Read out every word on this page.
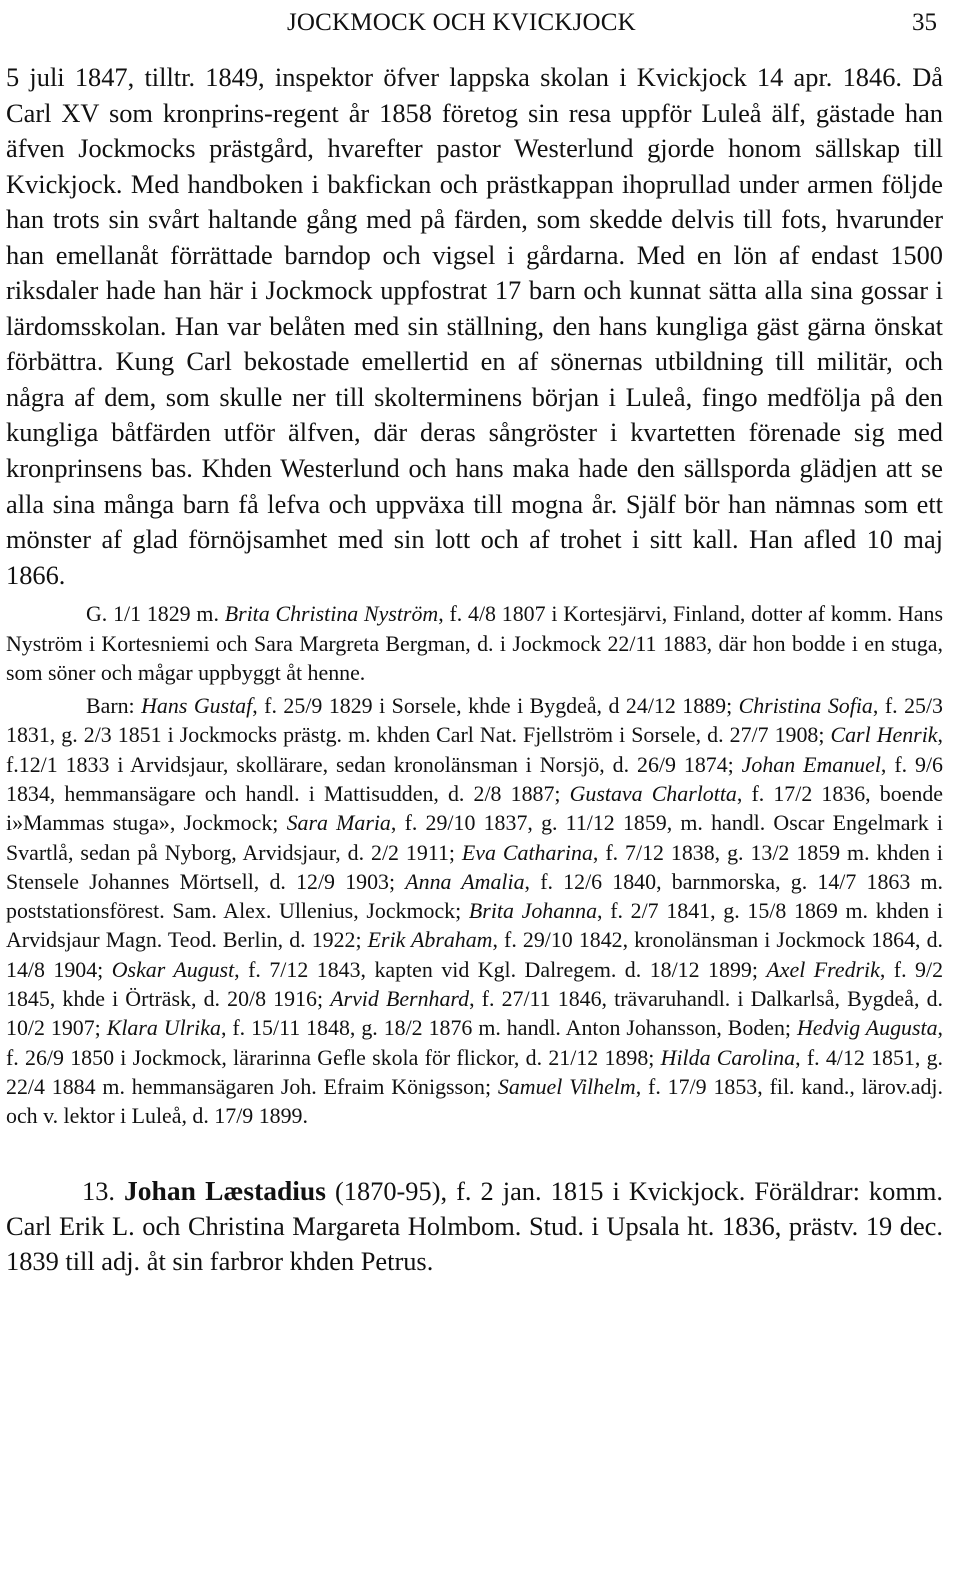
JOCKMOCK OCH KVICKJOCK	35

5 juli 1847, tilltr. 1849, inspektor öfver lappska skolan i Kvickjock 14 apr. 1846. Då Carl XV som kronprins-regent år 1858 företog sin resa uppför Luleå älf, gästade han äfven Jockmocks prästgård, hvarefter pastor Westerlund gjorde honom sällskap till Kvickjock. Med handboken i bakfickan och prästkappan ihoprullad under armen följde han trots sin svårt haltande gång med på färden, som skedde delvis till fots, hvarunder han emellanåt förrättade barndop och vigsel i gårdarna. Med en lön af endast 1500 riksdaler hade han här i Jockmock uppfostrat 17 barn och kunnat sätta alla sina gossar i lärdomsskolan. Han var belåten med sin ställning, den hans kungliga gäst gärna önskat förbättra. Kung Carl bekostade emellertid en af sönernas utbildning till militär, och några af dem, som skulle ner till skolterminens början i Luleå, fingo medfölja på den kungliga båtfärden utför älfven, där deras sångröster i kvartetten förenade sig med kronprinsens bas. Khden Westerlund och hans maka hade den sällsporda glädjen att se alla sina många barn få lefva och uppväxa till mogna år. Själf bör han nämnas som ett mönster af glad förnöjsamhet med sin lott och af trohet i sitt kall. Han afled 10 maj 1866.

G. 1/1 1829 m. Brita Christina Nyström, f. 4/8 1807 i Kortesjärvi, Finland, dotter af komm. Hans Nyström i Kortesniemi och Sara Margreta Bergman, d. i Jockmock 22/11 1883, där hon bodde i en stuga, som söner och mågar uppbyggt åt henne.

Barn: Hans Gustaf, f. 25/9 1829 i Sorsele, khde i Bygdeå, d 24/12 1889; Christina Sofia, f. 25/3 1831, g. 2/3 1851 i Jockmocks prästg. m. khden Carl Nat. Fjellström i Sorsele, d. 27/7 1908; Carl Henrik, f.12/1 1833 i Arvidsjaur, skollärare, sedan kronolänsman i Norsjö, d. 26/9 1874; Johan Emanuel, f. 9/6 1834, hemmansägare och handl. i Mattisudden, d. 2/8 1887; Gustava Charlotta, f. 17/2 1836, boende i»Mammas stuga», Jockmock; Sara Maria, f. 29/10 1837, g. 11/12 1859, m. handl. Oscar Engelmark i Svartlå, sedan på Nyborg, Arvidsjaur, d. 2/2 1911; Eva Catharina, f. 7/12 1838, g. 13/2 1859 m. khden i Stensele Johannes Mörtsell, d. 12/9 1903; Anna Amalia, f. 12/6 1840, barnmorska, g. 14/7 1863 m. poststationsförest. Sam. Alex. Ullenius, Jockmock; Brita Johanna, f. 2/7 1841, g. 15/8 1869 m. khden i Arvidsjaur Magn. Teod. Berlin, d. 1922; Erik Abraham, f. 29/10 1842, kronolänsman i Jockmock 1864, d. 14/8 1904; Oskar August, f. 7/12 1843, kapten vid Kgl. Dalregem. d. 18/12 1899; Axel Fredrik, f. 9/2 1845, khde i Örträsk, d. 20/8 1916; Arvid Bernhard, f. 27/11 1846, trävaruhandl. i Dalkarlså, Bygdeå, d. 10/2 1907; Klara Ulrika, f. 15/11 1848, g. 18/2 1876 m. handl. Anton Johansson, Boden; Hedvig Augusta, f. 26/9 1850 i Jockmock, lärarinna Gefle skola för flickor, d. 21/12 1898; Hilda Carolina, f. 4/12 1851, g. 22/4 1884 m. hemmansägaren Joh. Efraim Königsson; Samuel Vilhelm, f. 17/9 1853, fil. kand., lärov.adj. och v. lektor i Luleå, d. 17/9 1899.

13. Johan Læstadius (1870-95), f. 2 jan. 1815 i Kvickjock. Föräldrar: komm. Carl Erik L. och Christina Margareta Holmbom. Stud. i Upsala ht. 1836, prästv. 19 dec. 1839 till adj. åt sin farbror khden Petrus.
